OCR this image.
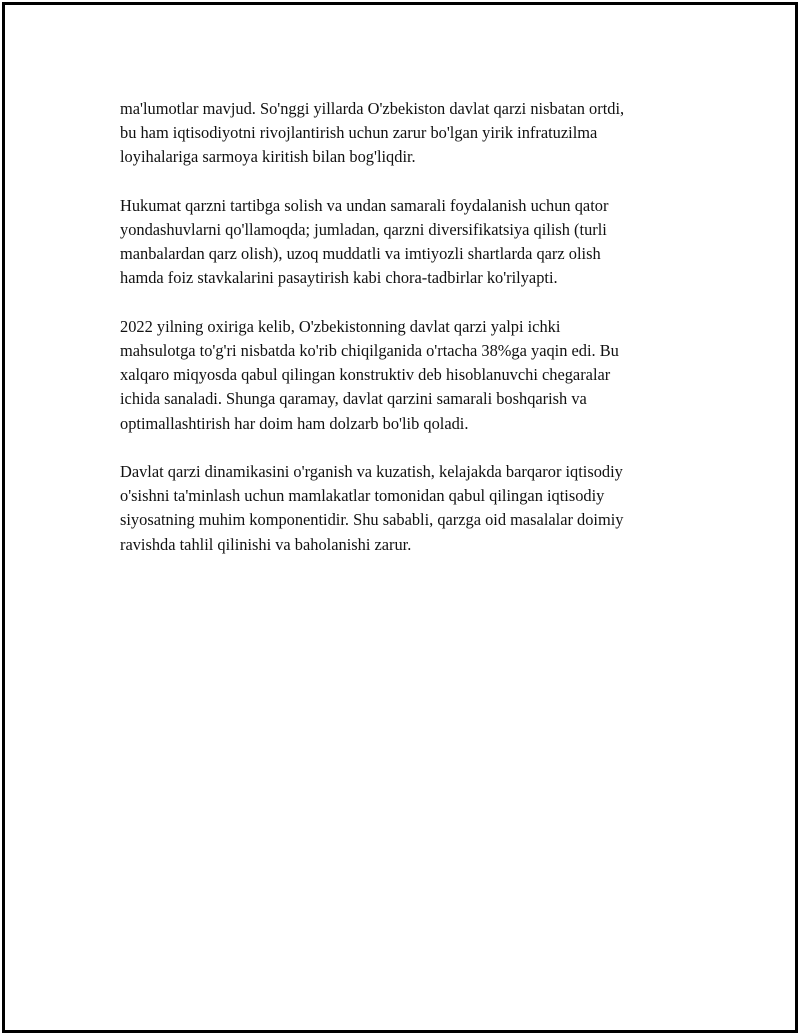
ma'lumotlar mavjud. So'nggi yillarda O'zbekiston davlat qarzi nisbatan ortdi,
bu ham iqtisodiyotni rivojlantirish uchun zarur bo'lgan yirik infratuzilma
loyihalariga sarmoya kiritish bilan bog'liqdir.

Hukumat qarzni tartibga solish va undan samarali foydalanish uchun qator
yondashuvlarni qo'llamoqda; jumladan, qarzni diversifikatsiya qilish (turli
manbalardan qarz olish), uzoq muddatli va imtiyozli shartlarda qarz olish
hamda foiz stavkalarini pasaytirish kabi chora-tadbirlar ko'rilyapti.

2022 yilning oxiriga kelib, O'zbekistonning davlat qarzi yalpi ichki
mahsulotga to'g'ri nisbatda ko'rib chiqilganida o'rtacha 38%ga yaqin edi. Bu
xalqaro miqyosda qabul qilingan konstruktiv deb hisoblanuvchi chegaralar
ichida sanaladi. Shunga qaramay, davlat qarzini samarali boshqarish va
optimallashtirish har doim ham dolzarb bo'lib qoladi.

Davlat qarzi dinamikasini o'rganish va kuzatish, kelajakda barqaror iqtisodiy
o'sishni ta'minlash uchun mamlakatlar tomonidan qabul qilingan iqtisodiy
siyosatning muhim komponentidir. Shu sababli, qarzga oid masalalar doimiy
ravishda tahlil qilinishi va baholanishi zarur.
